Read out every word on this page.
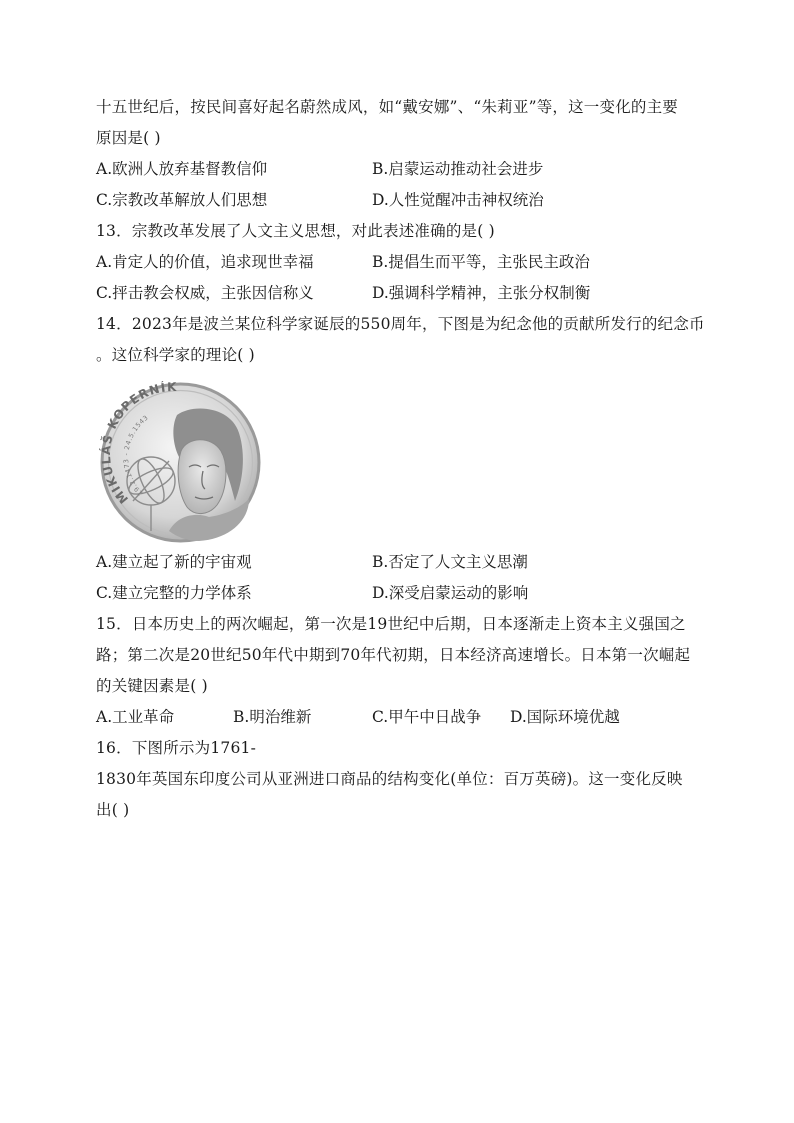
十五世纪后，按民间喜好起名蔚然成风，如“戴安娜”、“朱莉亚”等，这一变化的主要
原因是( )
A.欧洲人放弃基督教信仰	B.启蒙运动推动社会进步
C.宗教改革解放人们思想	D.人性觉醒冲击神权统治
13．宗教改革发展了人文主义思想，对此表述准确的是( )
A.肯定人的价值，追求现世幸福	B.提倡生而平等，主张民主政治
C.抨击教会权威，主张因信称义	D.强调科学精神，主张分权制衡
14．2023年是波兰某位科学家诞辰的550周年，下图是为纪念他的贡献所发行的纪念币
。这位科学家的理论( )
MIKULÁŠ KOPERNÍK
19.2.1473 - 24.5.1543
A.建立起了新的宇宙观	B.否定了人文主义思潮
C.建立完整的力学体系	D.深受启蒙运动的影响
15．日本历史上的两次崛起，第一次是19世纪中后期，日本逐渐走上资本主义强国之
路；第二次是20世纪50年代中期到70年代初期，日本经济高速增长。日本第一次崛起
的关键因素是( )
A.工业革命	B.明治维新	C.甲午中日战争 D.国际环境优越
16．下图所示为1761-
1830年英国东印度公司从亚洲进口商品的结构变化(单位：百万英磅)。这一变化反映
出( )
